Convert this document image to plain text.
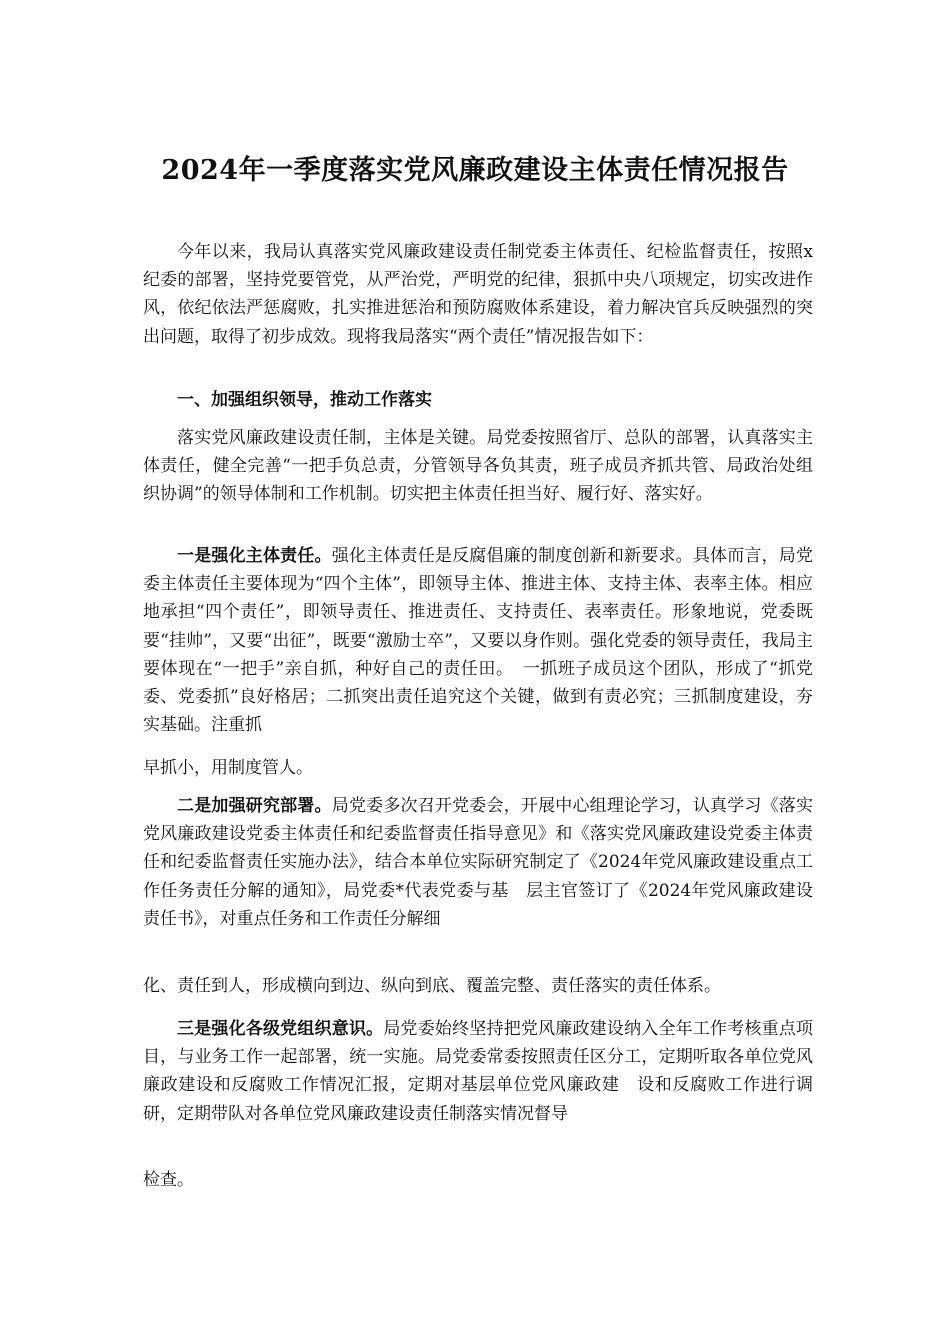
2024年一季度落实党风廉政建设主体责任情况报告

今年以来，我局认真落实党风廉政建设责任制党委主体责任、纪检监督责任，按照x纪委的部署，坚持党要管党，从严治党，严明党的纪律，狠抓中央八项规定，切实改进作风，依纪依法严惩腐败，扎实推进惩治和预防腐败体系建设，着力解决官兵反映强烈的突出问题，取得了初步成效。现将我局落实“两个责任”情况报告如下：

一、加强组织领导，推动工作落实

落实党风廉政建设责任制，主体是关键。局党委按照省厅、总队的部署，认真落实主体责任，健全完善“一把手负总责，分管领导各负其责，班子成员齐抓共管、局政治处组织协调”的领导体制和工作机制。切实把主体责任担当好、履行好、落实好。

一是强化主体责任。强化主体责任是反腐倡廉的制度创新和新要求。具体而言，局党委主体责任主要体现为“四个主体”，即领导主体、推进主体、支持主体、表率主体。相应地承担“四个责任”，即领导责任、推进责任、支持责任、表率责任。形象地说，党委既要“挂帅”，又要“出征”，既要“激励士卒”，又要以身作则。强化党委的领导责任，我局主要体现在“一把手”亲自抓，种好自己的责任田。　一抓班子成员这个团队，形成了“抓党委、党委抓”良好格居；二抓突出责任追究这个关键，做到有责必究；三抓制度建设，夯实基础。注重抓

早抓小，用制度管人。

二是加强研究部署。局党委多次召开党委会，开展中心组理论学习，认真学习《落实党风廉政建设党委主体责任和纪委监督责任指导意见》和《落实党风廉政建设党委主体责任和纪委监督责任实施办法》，结合本单位实际研究制定了《2024年党风廉政建设重点工作任务责任分解的通知》，局党委*代表党委与基　层主官签订了《2024年党风廉政建设责任书》，对重点任务和工作责任分解细

化、责任到人，形成横向到边、纵向到底、覆盖完整、责任落实的责任体系。

三是强化各级党组织意识。局党委始终坚持把党风廉政建设纳入全年工作考核重点项目，与业务工作一起部署，统一实施。局党委常委按照责任区分工，定期听取各单位党风廉政建设和反腐败工作情况汇报，定期对基层单位党风廉政建　设和反腐败工作进行调研，定期带队对各单位党风廉政建设责任制落实情况督导

检查。
